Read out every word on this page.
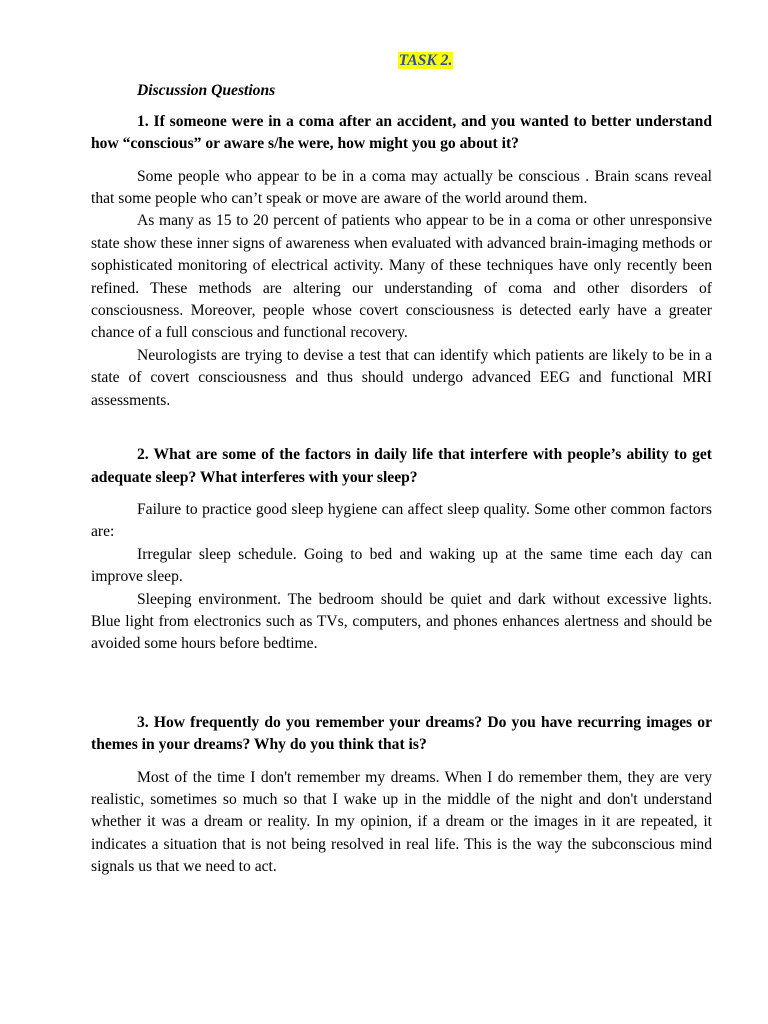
TASK 2.
Discussion Questions

1. If someone were in a coma after an accident, and you wanted to better understand how “conscious” or aware s/he were, how might you go about it?

Some people who appear to be in a coma may actually be conscious . Brain scans reveal that some people who can’t speak or move are aware of the world around them.

As many as 15 to 20 percent of patients who appear to be in a coma or other unresponsive state show these inner signs of awareness when evaluated with advanced brain-imaging methods or sophisticated monitoring of electrical activity. Many of these techniques have only recently been refined. These methods are altering our understanding of coma and other disorders of consciousness. Moreover, people whose covert consciousness is detected early have a greater chance of a full conscious and functional recovery.

Neurologists are trying to devise a test that can identify which patients are likely to be in a state of covert consciousness and thus should undergo advanced EEG and functional MRI assessments.

2. What are some of the factors in daily life that interfere with people’s ability to get adequate sleep? What interferes with your sleep?

Failure to practice good sleep hygiene can affect sleep quality. Some other common factors are:

Irregular sleep schedule. Going to bed and waking up at the same time each day can improve sleep.

Sleeping environment. The bedroom should be quiet and dark without excessive lights. Blue light from electronics such as TVs, computers, and phones enhances alertness and should be avoided some hours before bedtime.

3. How frequently do you remember your dreams? Do you have recurring images or themes in your dreams? Why do you think that is?

Most of the time I don't remember my dreams. When I do remember them, they are very realistic, sometimes so much so that I wake up in the middle of the night and don't understand whether it was a dream or reality. In my opinion, if a dream or the images in it are repeated, it indicates a situation that is not being resolved in real life. This is the way the subconscious mind signals us that we need to act.
